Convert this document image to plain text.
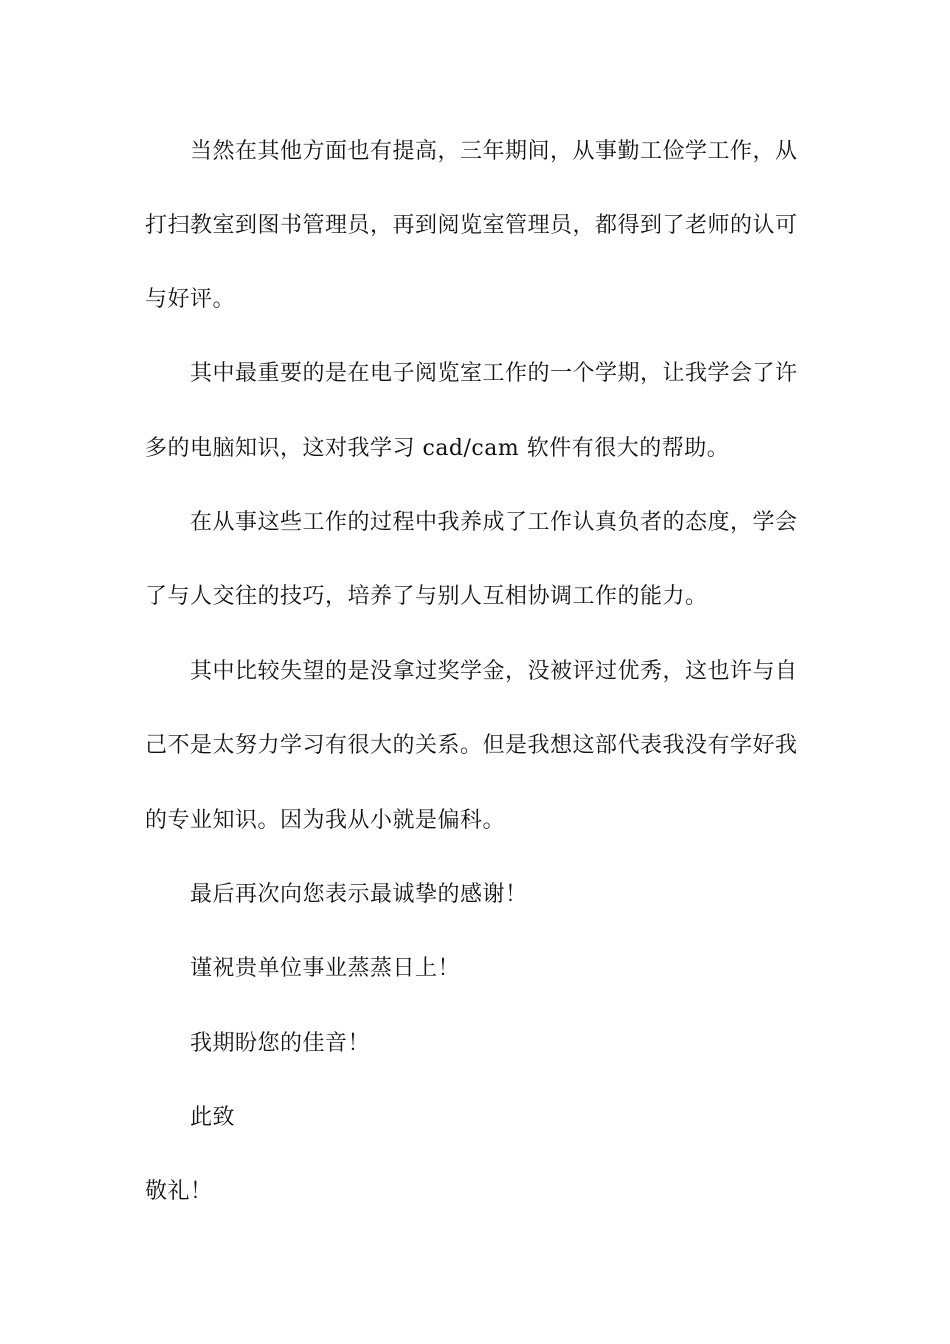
当然在其他方面也有提高，三年期间，从事勤工俭学工作，从
打扫教室到图书管理员，再到阅览室管理员，都得到了老师的认可
与好评。
其中最重要的是在电子阅览室工作的一个学期，让我学会了许
多的电脑知识，这对我学习 cad/cam 软件有很大的帮助。
在从事这些工作的过程中我养成了工作认真负者的态度，学会
了与人交往的技巧，培养了与别人互相协调工作的能力。
其中比较失望的是没拿过奖学金，没被评过优秀，这也许与自
己不是太努力学习有很大的关系。但是我想这部代表我没有学好我
的专业知识。因为我从小就是偏科。
最后再次向您表示最诚挚的感谢！
谨祝贵单位事业蒸蒸日上！
我期盼您的佳音！
此致
敬礼！
